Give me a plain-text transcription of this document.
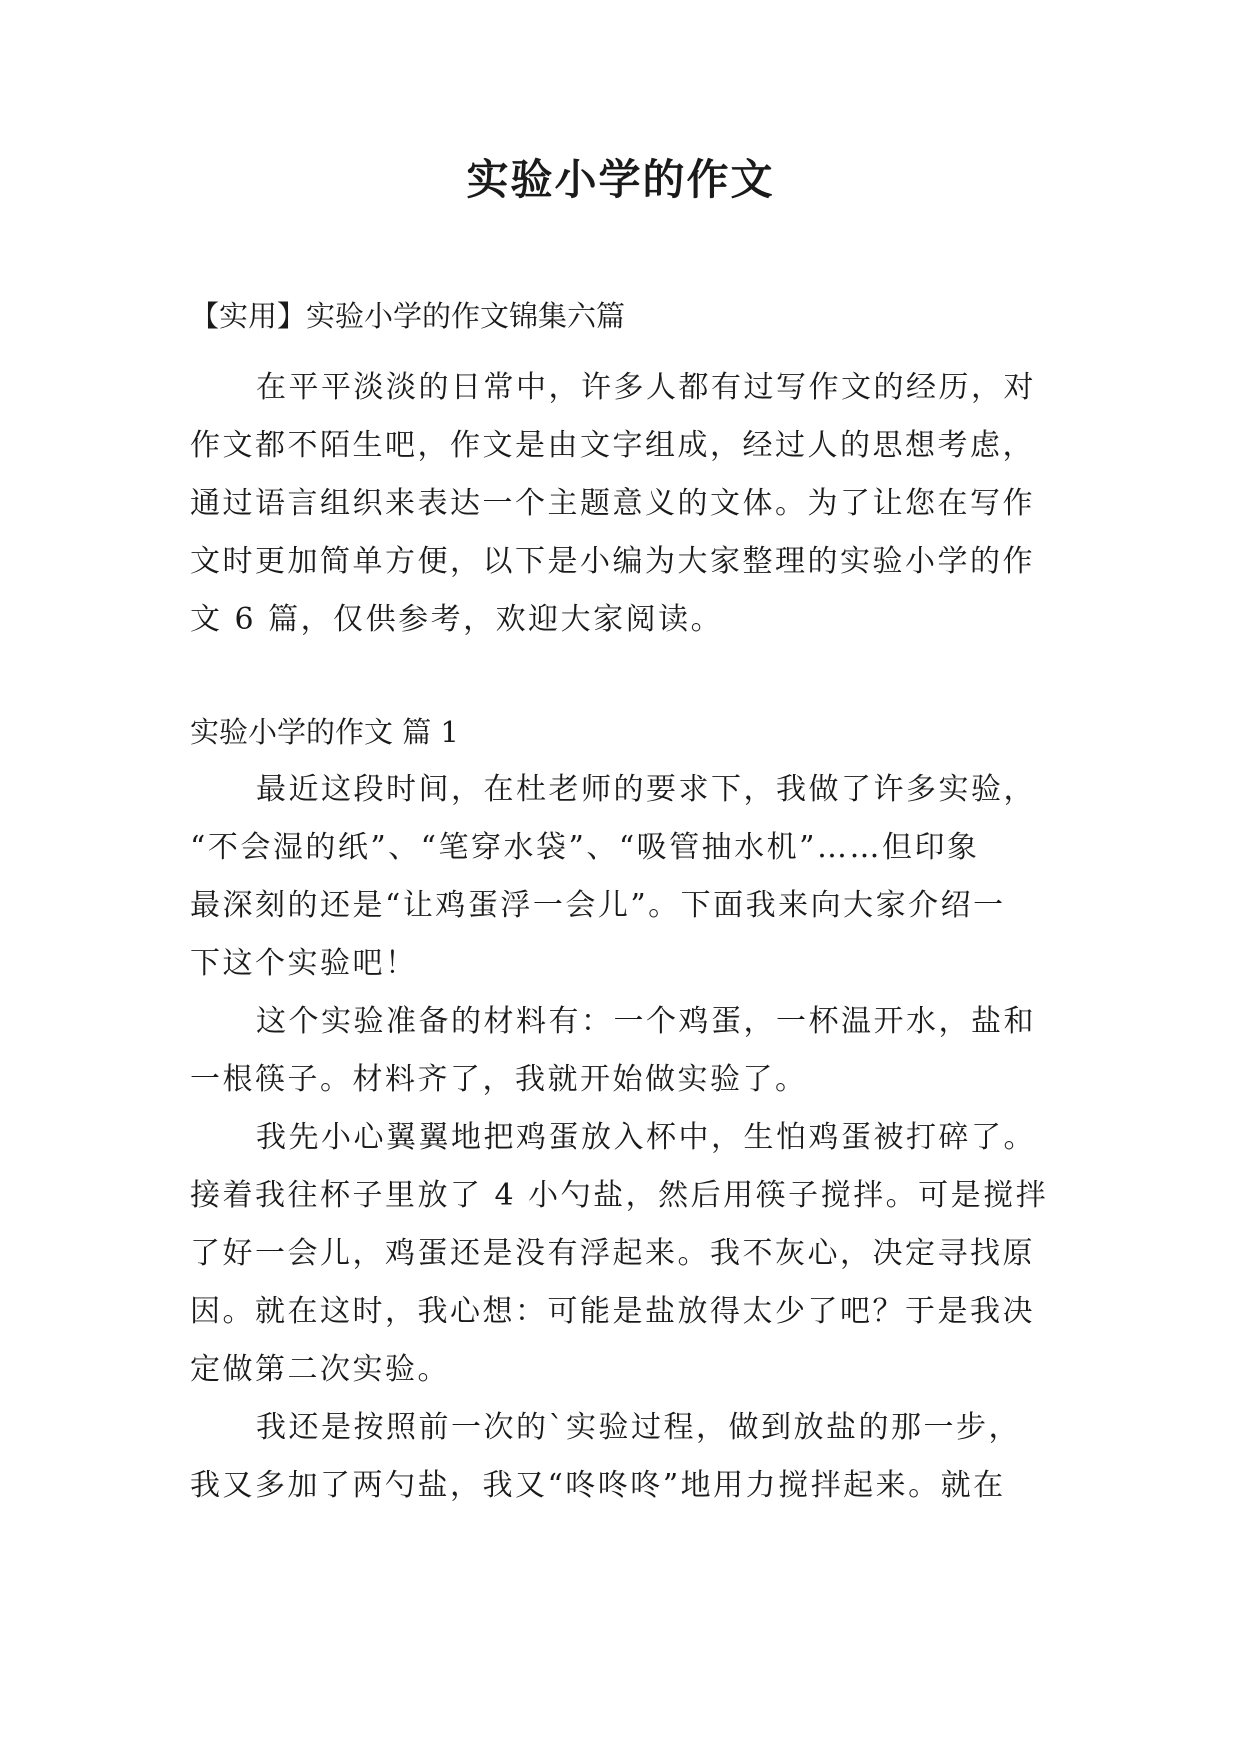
实验小学的作文

【实用】实验小学的作文锦集六篇

在平平淡淡的日常中，许多人都有过写作文的经历，对

作文都不陌生吧，作文是由文字组成，经过人的思想考虑，

通过语言组织来表达一个主题意义的文体。为了让您在写作

文时更加简单方便，以下是小编为大家整理的实验小学的作

文 6 篇，仅供参考，欢迎大家阅读。

实验小学的作文 篇 1

最近这段时间，在杜老师的要求下，我做了许多实验，

“不会湿的纸”、“笔穿水袋”、“吸管抽水机”……但印象

最深刻的还是“让鸡蛋浮一会儿”。下面我来向大家介绍一

下这个实验吧！

这个实验准备的材料有：一个鸡蛋，一杯温开水，盐和

一根筷子。材料齐了，我就开始做实验了。

我先小心翼翼地把鸡蛋放入杯中，生怕鸡蛋被打碎了。

接着我往杯子里放了 4 小勺盐，然后用筷子搅拌。可是搅拌

了好一会儿，鸡蛋还是没有浮起来。我不灰心，决定寻找原

因。就在这时，我心想：可能是盐放得太少了吧？于是我决

定做第二次实验。

我还是按照前一次的`实验过程，做到放盐的那一步，

我又多加了两勺盐，我又“咚咚咚”地用力搅拌起来。就在
